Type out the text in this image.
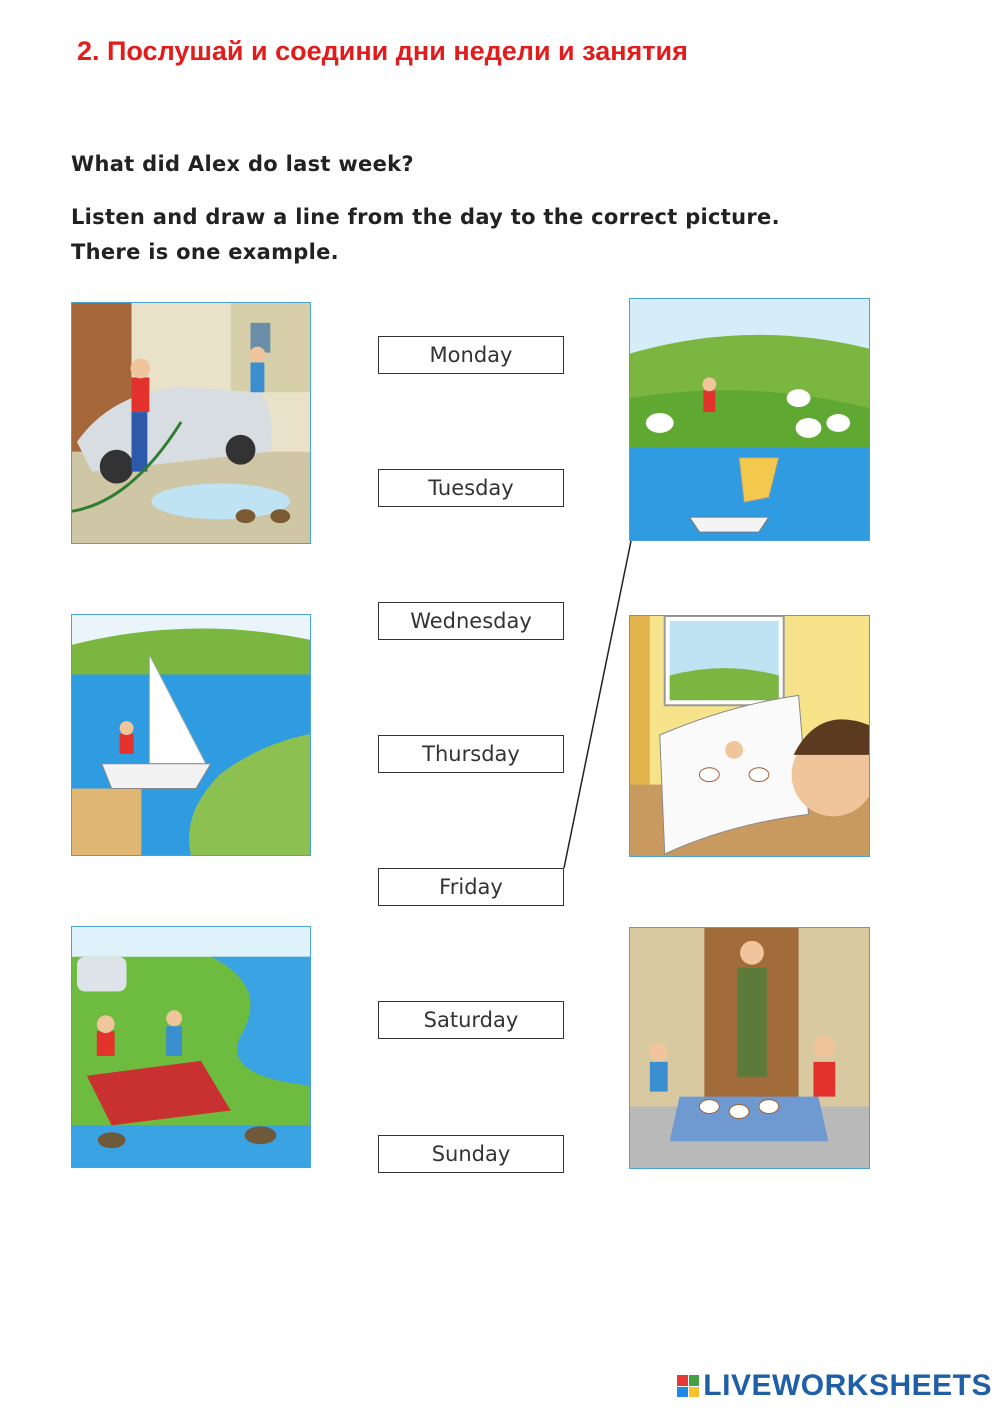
2. Послушай и соедини дни недели и занятия
What did Alex do last week?
Listen and draw a line from the day to the correct picture.
There is one example.
Monday
Tuesday
Wednesday
Thursday
Friday
Saturday
Sunday
LIVEWORKSHEETS
